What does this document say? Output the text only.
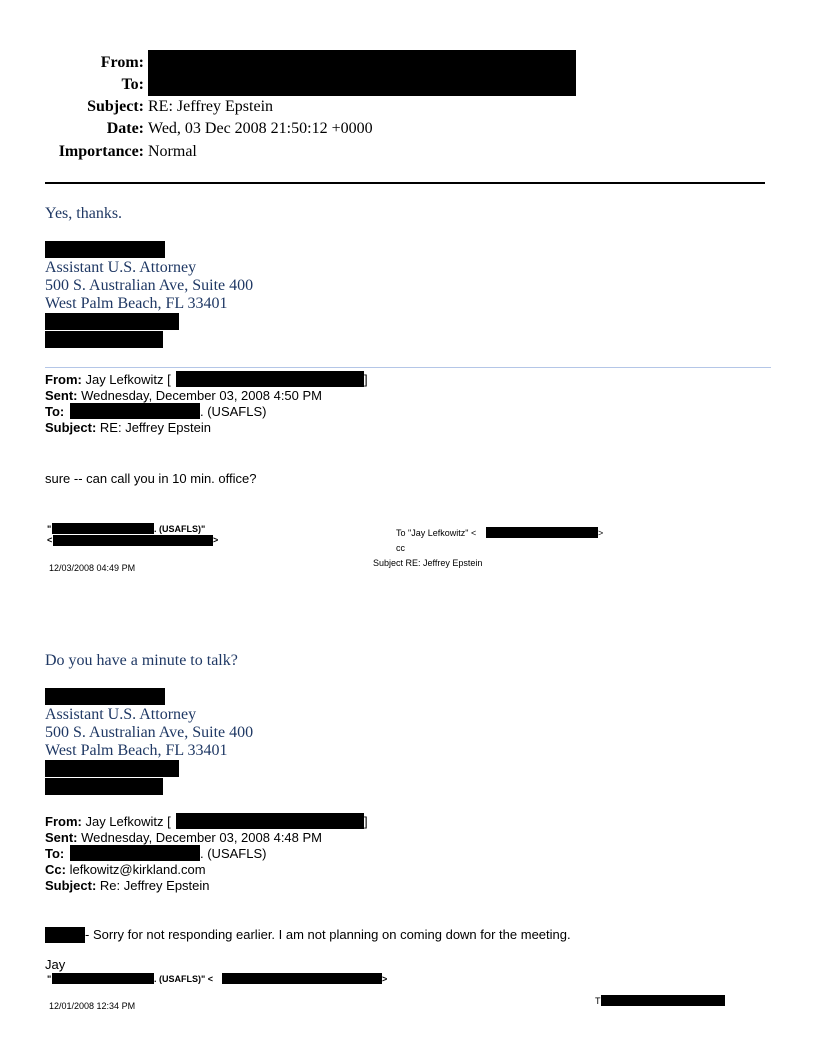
From:
To:
Subject: RE: Jeffrey Epstein
Date: Wed, 03 Dec 2008 21:50:12 +0000
Importance: Normal
Yes, thanks.
Assistant U.S. Attorney
500 S. Australian Ave, Suite 400
West Palm Beach, FL 33401
From: Jay Lefkowitz [	]
Sent: Wednesday, December 03, 2008 4:50 PM
To:	. (USAFLS)
Subject: RE: Jeffrey Epstein
sure -- can call you in 10 min. office?
"	. (USAFLS)"
<	>
12/03/2008 04:49 PM
To "Jay Lefkowitz" <	>
cc
Subject RE: Jeffrey Epstein
Do you have a minute to talk?
Assistant U.S. Attorney
500 S. Australian Ave, Suite 400
West Palm Beach, FL 33401
From: Jay Lefkowitz [	]
Sent: Wednesday, December 03, 2008 4:48 PM
To:	. (USAFLS)
Cc: lefkowitz@kirkland.com
Subject: Re: Jeffrey Epstein
- Sorry for not responding earlier. I am not planning on coming down for the meeting.
Jay
"	. (USAFLS)" <	>
12/01/2008 12:34 PM	T
